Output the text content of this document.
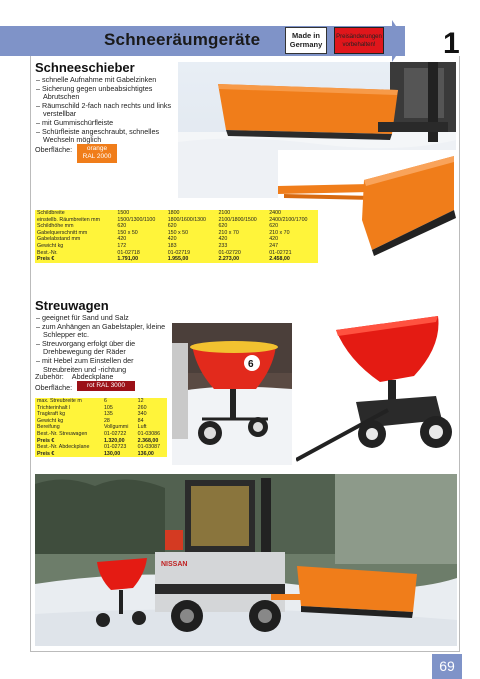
Schneeräumgeräte	Made in
Germany
Preisänderungen
vorbehalten! 1
Schneeschieber
– schnelle Aufnahme mit Gabelzinken
– Sicherung gegen unbeabsichtigtes Abrutschen
– Räumschild 2-fach nach rechts und links verstellbar
– mit Gummischürfleiste
– Schürfleiste angeschraubt, schnelles Wechseln möglich
Oberfläche:	orange
RAL 2000
Schildbreite	1500	1800	2100	2400
einstellb. Räumbreiten mm	1500/1300/1100	1800/1600/1300	2100/1800/1500	2400/2100/1700
Schildhöhe mm	620	620	620	620
Gabelquerschnitt mm	150 x 50	150 x 50	210 x 70	210 x 70
Gabelabstand mm	420	420	420	420
Gewicht kg	172	183	233	247
Best.-Nr.	01-02718	01-02719	01-02720	01-02721
Preis €	1.791,00	1.955,00	2.273,00	2.458,00
Streuwagen
– geeignet für Sand und Salz
– zum Anhängen an Gabelstapler, kleine Schlepper etc.
– Streuvorgang erfolgt über die Drehbewegung der Räder
– mit Hebel zum Einstellen der Streubreiten und -richtung
Zubehör: Abdeckplane
Oberfläche:	rot RAL 3000
max. Streubreite m	6	12
Trichterinhalt l	105	260
Tragkraft kg	135	340
Gewicht kg	28	84
Bereifung	Vollgummi	Luft
Best.-Nr. Streuwagen	01-02722	01-03086
Preis €	1.320,00	2.368,00
Best.-Nr. Abdeckplane	01-02723	01-03087
Preis €	130,00	136,00
6
NISSAN
69
